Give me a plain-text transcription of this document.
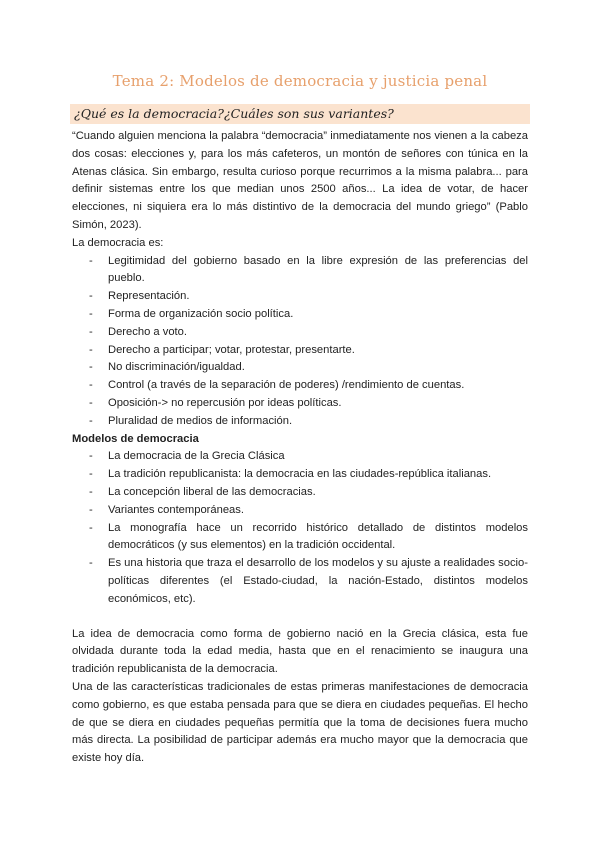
Tema 2: Modelos de democracia y justicia penal
¿Qué es la democracia?¿Cuáles son sus variantes?

“Cuando alguien menciona la palabra “democracia” inmediatamente nos vienen a la cabeza dos cosas: elecciones y, para los más cafeteros, un montón de señores con túnica en la Atenas clásica. Sin embargo, resulta curioso porque recurrimos a la misma palabra... para definir sistemas entre los que median unos 2500 años... La idea de votar, de hacer elecciones, ni siquiera era lo más distintivo de la democracia del mundo griego” (Pablo Simón, 2023).

La democracia es:

- Legitimidad del gobierno basado en la libre expresión de las preferencias del pueblo.
- Representación.
- Forma de organización socio política.
- Derecho a voto.
- Derecho a participar; votar, protestar, presentarte.
- No discriminación/igualdad.
- Control (a través de la separación de poderes) /rendimiento de cuentas.
- Oposición-> no repercusión por ideas políticas.
- Pluralidad de medios de información.

Modelos de democracia

- La democracia de la Grecia Clásica
- La tradición republicanista: la democracia en las ciudades-república italianas.
- La concepción liberal de las democracias.
- Variantes contemporáneas.
- La monografía hace un recorrido histórico detallado de distintos modelos democráticos (y sus elementos) en la tradición occidental.
- Es una historia que traza el desarrollo de los modelos y su ajuste a realidades socio-políticas diferentes (el Estado-ciudad, la nación-Estado, distintos modelos económicos, etc).

La idea de democracia como forma de gobierno nació en la Grecia clásica, esta fue olvidada durante toda la edad media, hasta que en el renacimiento se inaugura una tradición republicanista de la democracia.

Una de las características tradicionales de estas primeras manifestaciones de democracia como gobierno, es que estaba pensada para que se diera en ciudades pequeñas. El hecho de que se diera en ciudades pequeñas permitía que la toma de decisiones fuera mucho más directa. La posibilidad de participar además era mucho mayor que la democracia que existe hoy día.
